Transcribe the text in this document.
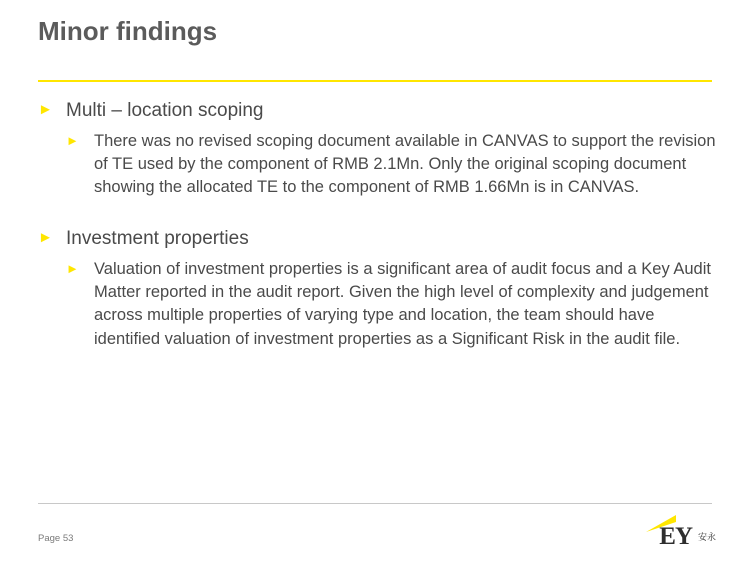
Minor findings
► Multi – location scoping
► There was no revised scoping document available in CANVAS to support the revision of TE used by the component of RMB 2.1Mn. Only the original scoping document showing the allocated TE to the component of RMB 1.66Mn is in CANVAS.
► Investment properties
► Valuation of investment properties is a significant area of audit focus and a Key Audit Matter reported in the audit report. Given the high level of complexity and judgement across multiple properties of varying type and location, the team should have identified valuation of investment properties as a Significant Risk in the audit file.
Page 53	EY 安永
